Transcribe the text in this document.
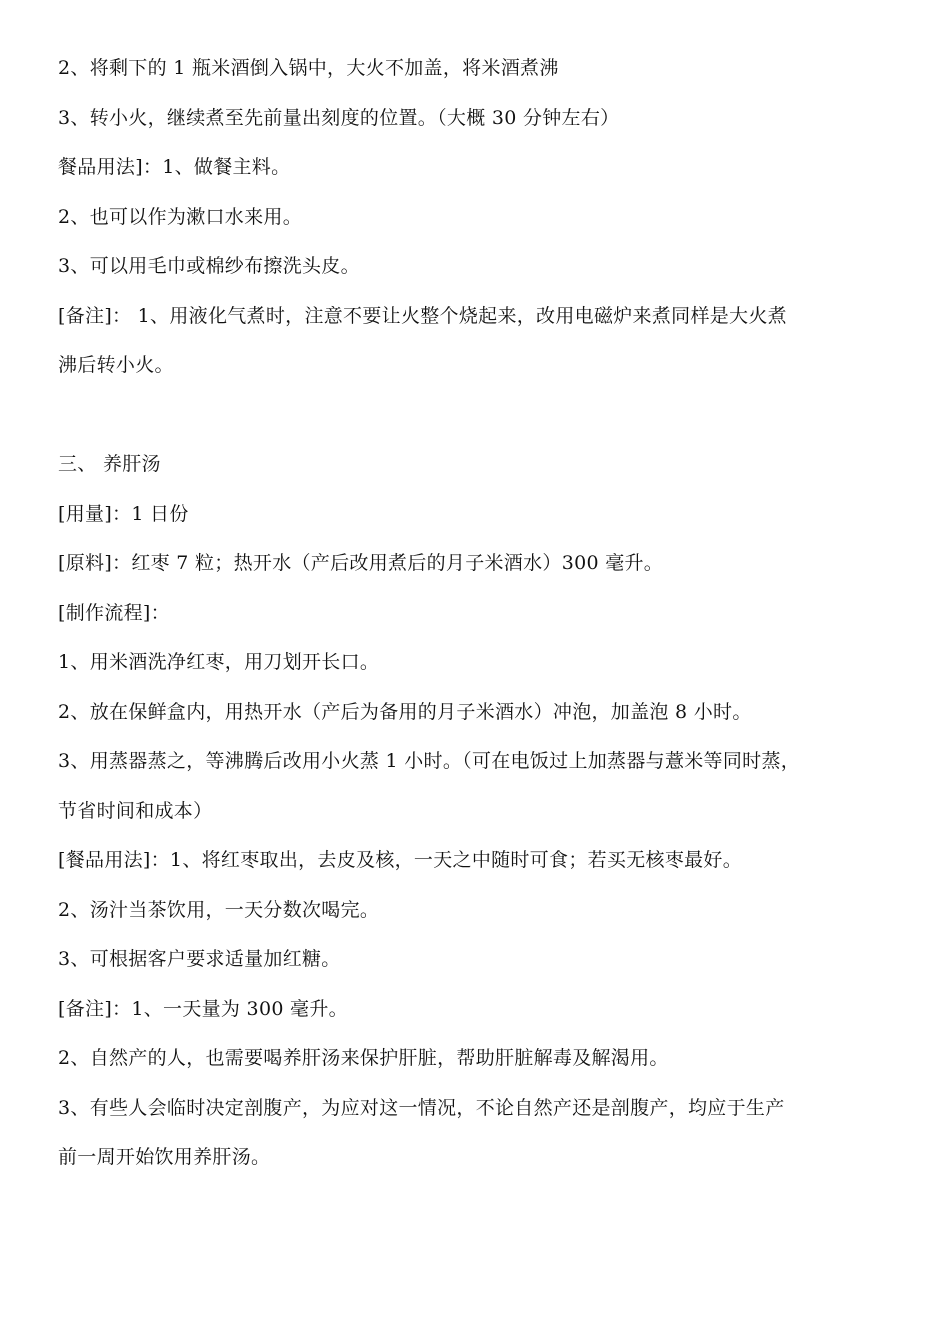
2、将剩下的 1 瓶米酒倒入锅中，大火不加盖，将米酒煮沸
3、转小火，继续煮至先前量出刻度的位置。（大概 30 分钟左右）
餐品用法]：1、做餐主料。
2、也可以作为漱口水来用。
3、可以用毛巾或棉纱布擦洗头皮。
[备注]： 1、用液化气煮时，注意不要让火整个烧起来，改用电磁炉来煮同样是大火煮
沸后转小火。
三、 养肝汤
[用量]：1 日份
[原料]：红枣 7 粒；热开水（产后改用煮后的月子米酒水）300 毫升。
[制作流程]：
1、用米酒洗净红枣，用刀划开长口。
2、放在保鲜盒内，用热开水（产后为备用的月子米酒水）冲泡，加盖泡 8 小时。
3、用蒸器蒸之，等沸腾后改用小火蒸 1 小时。（可在电饭过上加蒸器与薏米等同时蒸，
节省时间和成本）
[餐品用法]：1、将红枣取出，去皮及核，一天之中随时可食；若买无核枣最好。
2、汤汁当茶饮用，一天分数次喝完。
3、可根据客户要求适量加红糖。
[备注]：1、一天量为 300 毫升。
2、自然产的人，也需要喝养肝汤来保护肝脏，帮助肝脏解毒及解渴用。
3、有些人会临时决定剖腹产，为应对这一情况，不论自然产还是剖腹产，均应于生产
前一周开始饮用养肝汤。
